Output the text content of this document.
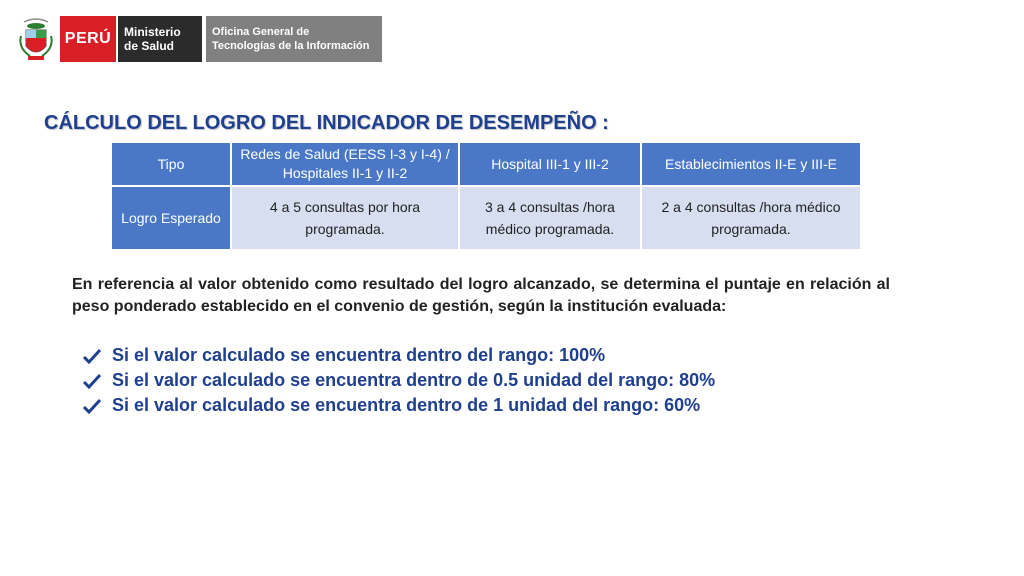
PERÚ Ministerio
de Salud
Oficina General de
Tecnologías de la Información
CÁLCULO DEL LOGRO DEL INDICADOR DE DESEMPEÑO :
Tipo	Redes de Salud (EESS I-3 y I-4) / Hospitales II-1 y II-2	Hospital III-1 y III-2	Establecimientos II-E y III-E
Logro Esperado	4 a 5 consultas por hora programada.	3 a 4 consultas /hora médico programada.	2 a 4 consultas /hora médico programada.

En referencia al valor obtenido como resultado del logro alcanzado, se determina el puntaje en relación al peso ponderado establecido en el convenio de gestión, según la institución evaluada:

Si el valor calculado se encuentra dentro del rango: 100%
Si el valor calculado se encuentra dentro de 0.5 unidad del rango: 80%
Si el valor calculado se encuentra dentro de 1 unidad del rango: 60%
